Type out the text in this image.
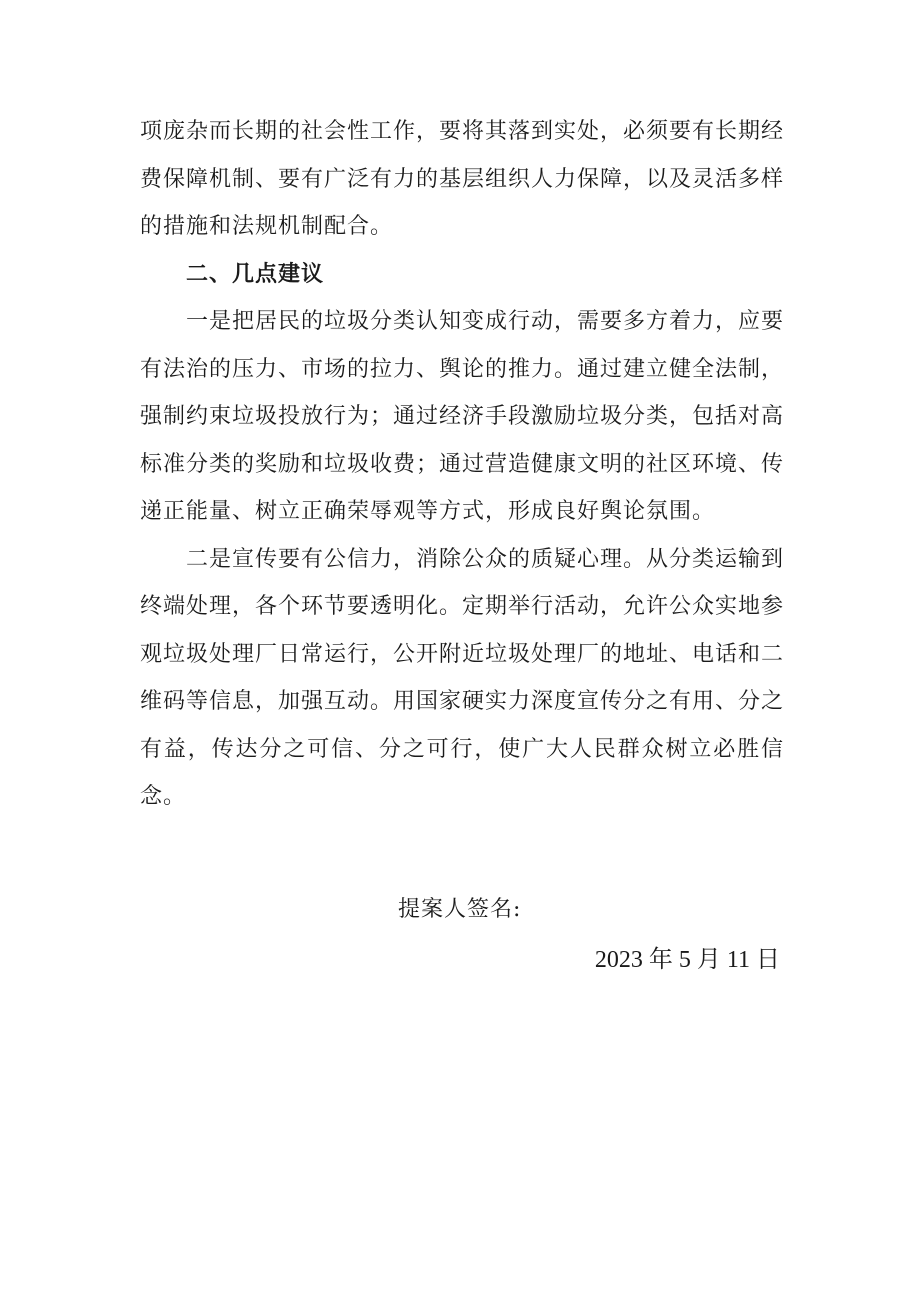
项庞杂而长期的社会性工作，要将其落到实处，必须要有长期经费保障机制、要有广泛有力的基层组织人力保障，以及灵活多样的措施和法规机制配合。

二、几点建议

一是把居民的垃圾分类认知变成行动，需要多方着力，应要有法治的压力、市场的拉力、舆论的推力。通过建立健全法制，强制约束垃圾投放行为；通过经济手段激励垃圾分类，包括对高标准分类的奖励和垃圾收费；通过营造健康文明的社区环境、传递正能量、树立正确荣辱观等方式，形成良好舆论氛围。

二是宣传要有公信力，消除公众的质疑心理。从分类运输到终端处理，各个环节要透明化。定期举行活动，允许公众实地参观垃圾处理厂日常运行，公开附近垃圾处理厂的地址、电话和二维码等信息，加强互动。用国家硬实力深度宣传分之有用、分之有益，传达分之可信、分之可行，使广大人民群众树立必胜信念。

提案人签名:
2023 年 5 月 11 日
